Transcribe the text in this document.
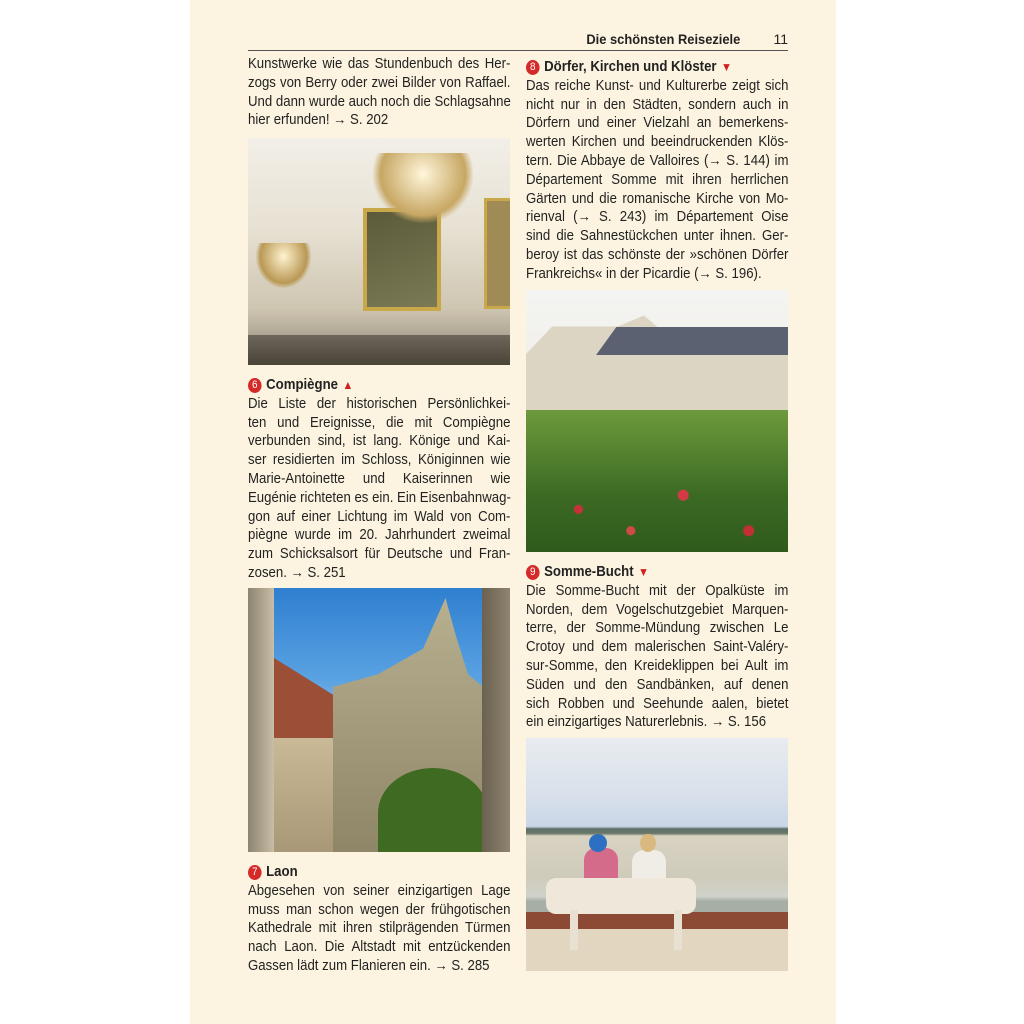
Die schönsten Reiseziele 11
Kunstwerke wie das Stundenbuch des Her-
zogs von Berry oder zwei Bilder von Raffael.
Und dann wurde auch noch die Schlagsahne
hier erfunden! → S. 202
6 Compiègne ▲
Die Liste der historischen Persönlichkei-
ten und Ereignisse, die mit Compiègne
verbunden sind, ist lang. Könige und Kai-
ser residierten im Schloss, Königinnen wie
Marie-Antoinette und Kaiserinnen wie
Eugénie richteten es ein. Ein Eisenbahnwag-
gon auf einer Lichtung im Wald von Com-
piègne wurde im 20. Jahrhundert zweimal
zum Schicksalsort für Deutsche und Fran-
zosen. → S. 251
7 Laon
Abgesehen von seiner einzigartigen Lage
muss man schon wegen der frühgotischen
Kathedrale mit ihren stilprägenden Türmen
nach Laon. Die Altstadt mit entzückenden
Gassen lädt zum Flanieren ein. → S. 285
8 Dörfer, Kirchen und Klöster ▼
Das reiche Kunst- und Kulturerbe zeigt sich
nicht nur in den Städten, sondern auch in
Dörfern und einer Vielzahl an bemerkens-
werten Kirchen und beeindruckenden Klös-
tern. Die Abbaye de Valloires (→ S. 144) im
Département Somme mit ihren herrlichen
Gärten und die romanische Kirche von Mo-
rienval (→ S. 243) im Département Oise
sind die Sahnestückchen unter ihnen. Ger-
beroy ist das schönste der »schönen Dörfer
Frankreichs« in der Picardie (→ S. 196).
9 Somme-Bucht ▼
Die Somme-Bucht mit der Opalküste im
Norden, dem Vogelschutzgebiet Marquen-
terre, der Somme-Mündung zwischen Le
Crotoy und dem malerischen Saint-Valéry-
sur-Somme, den Kreideklippen bei Ault im
Süden und den Sandbänken, auf denen
sich Robben und Seehunde aalen, bietet
ein einzigartiges Naturerlebnis. → S. 156
